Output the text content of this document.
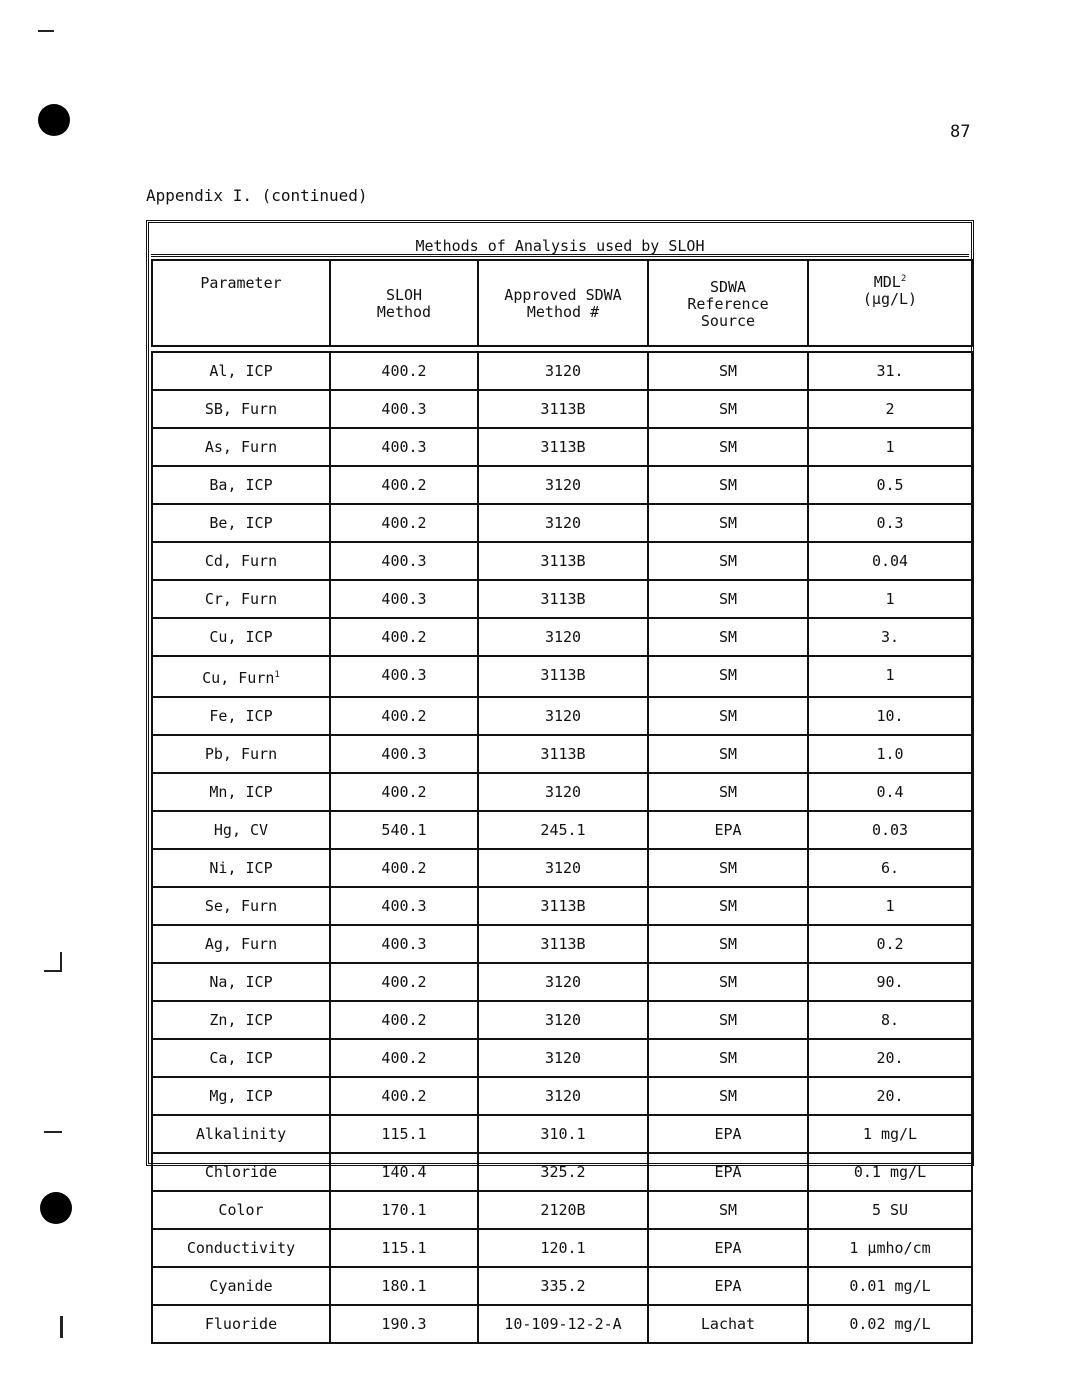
87
Appendix I. (continued)
Methods of Analysis used by SLOH
Parameter	SLOH Method	Approved SDWA Method #	SDWA Reference Source	MDL$^2$
(µg/L)

Al, ICP	400.2	3120	SM	31.
SB, Furn	400.3	3113B	SM	2
As, Furn	400.3	3113B	SM	1
Ba, ICP	400.2	3120	SM	0.5
Be, ICP	400.2	3120	SM	0.3
Cd, Furn	400.3	3113B	SM	0.04
Cr, Furn	400.3	3113B	SM	1
Cu, ICP	400.2	3120	SM	3.
Cu, Furn$^1$	400.3	3113B	SM	1
Fe, ICP	400.2	3120	SM	10.
Pb, Furn	400.3	3113B	SM	1.0
Mn, ICP	400.2	3120	SM	0.4
Hg, CV	540.1	245.1	EPA	0.03
Ni, ICP	400.2	3120	SM	6.
Se, Furn	400.3	3113B	SM	1
Ag, Furn	400.3	3113B	SM	0.2
Na, ICP	400.2	3120	SM	90.
Zn, ICP	400.2	3120	SM	8.
Ca, ICP	400.2	3120	SM	20.
Mg, ICP	400.2	3120	SM	20.
Alkalinity	115.1	310.1	EPA	1 mg/L
Chloride	140.4	325.2	EPA	0.1 mg/L
Color	170.1	2120B	SM	5 SU
Conductivity	115.1	120.1	EPA	1 µmho/cm
Cyanide	180.1	335.2	EPA	0.01 mg/L
Fluoride	190.3	10-109-12-2-A	Lachat	0.02 mg/L
